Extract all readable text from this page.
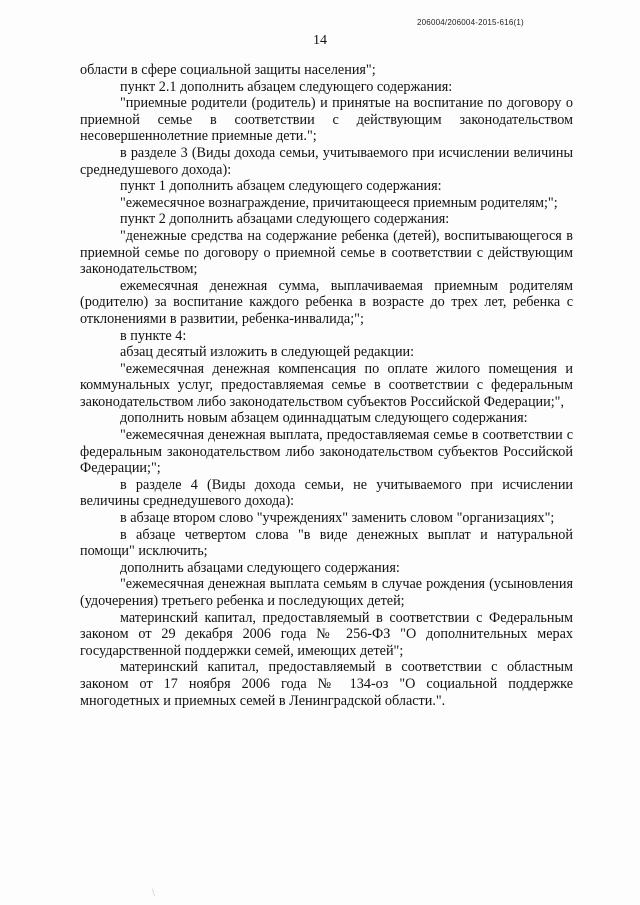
206004/206004-2015-616(1)
14

области в сфере социальной защиты населения";

пункт 2.1 дополнить абзацем следующего содержания:

"приемные родители (родитель) и принятые на воспитание по договору о приемной семье в соответствии с действующим законодательством несовершеннолетние приемные дети.";

в разделе 3 (Виды дохода семьи, учитываемого при исчислении величины среднедушевого дохода):

пункт 1 дополнить абзацем следующего содержания:

"ежемесячное вознаграждение, причитающееся приемным родителям;";

пункт 2 дополнить абзацами следующего содержания:

"денежные средства на содержание ребенка (детей), воспитывающегося в приемной семье по договору о приемной семье в соответствии с действующим законодательством;

ежемесячная денежная сумма, выплачиваемая приемным родителям (родителю) за воспитание каждого ребенка в возрасте до трех лет, ребенка с отклонениями в развитии, ребенка-инвалида;";

в пункте 4:

абзац десятый изложить в следующей редакции:

"ежемесячная денежная компенсация по оплате жилого помещения и коммунальных услуг, предоставляемая семье в соответствии с федеральным законодательством либо законодательством субъектов Российской Федерации;",

дополнить новым абзацем одиннадцатым следующего содержания:

"ежемесячная денежная выплата, предоставляемая семье в соответствии с федеральным законодательством либо законодательством субъектов Российской Федерации;";

в разделе 4 (Виды дохода семьи, не учитываемого при исчислении величины среднедушевого дохода):

в абзаце втором слово "учреждениях" заменить словом "организациях";

в абзаце четвертом слова "в виде денежных выплат и натуральной помощи" исключить;

дополнить абзацами следующего содержания:

"ежемесячная денежная выплата семьям в случае рождения (усыновления (удочерения) третьего ребенка и последующих детей;

материнский капитал, предоставляемый в соответствии с Федеральным законом от 29 декабря 2006 года № 256-ФЗ "О дополнительных мерах государственной поддержки семей, имеющих детей";

материнский капитал, предоставляемый в соответствии с областным законом от 17 ноября 2006 года № 134-оз "О социальной поддержке многодетных и приемных семей в Ленинградской области.".

\
